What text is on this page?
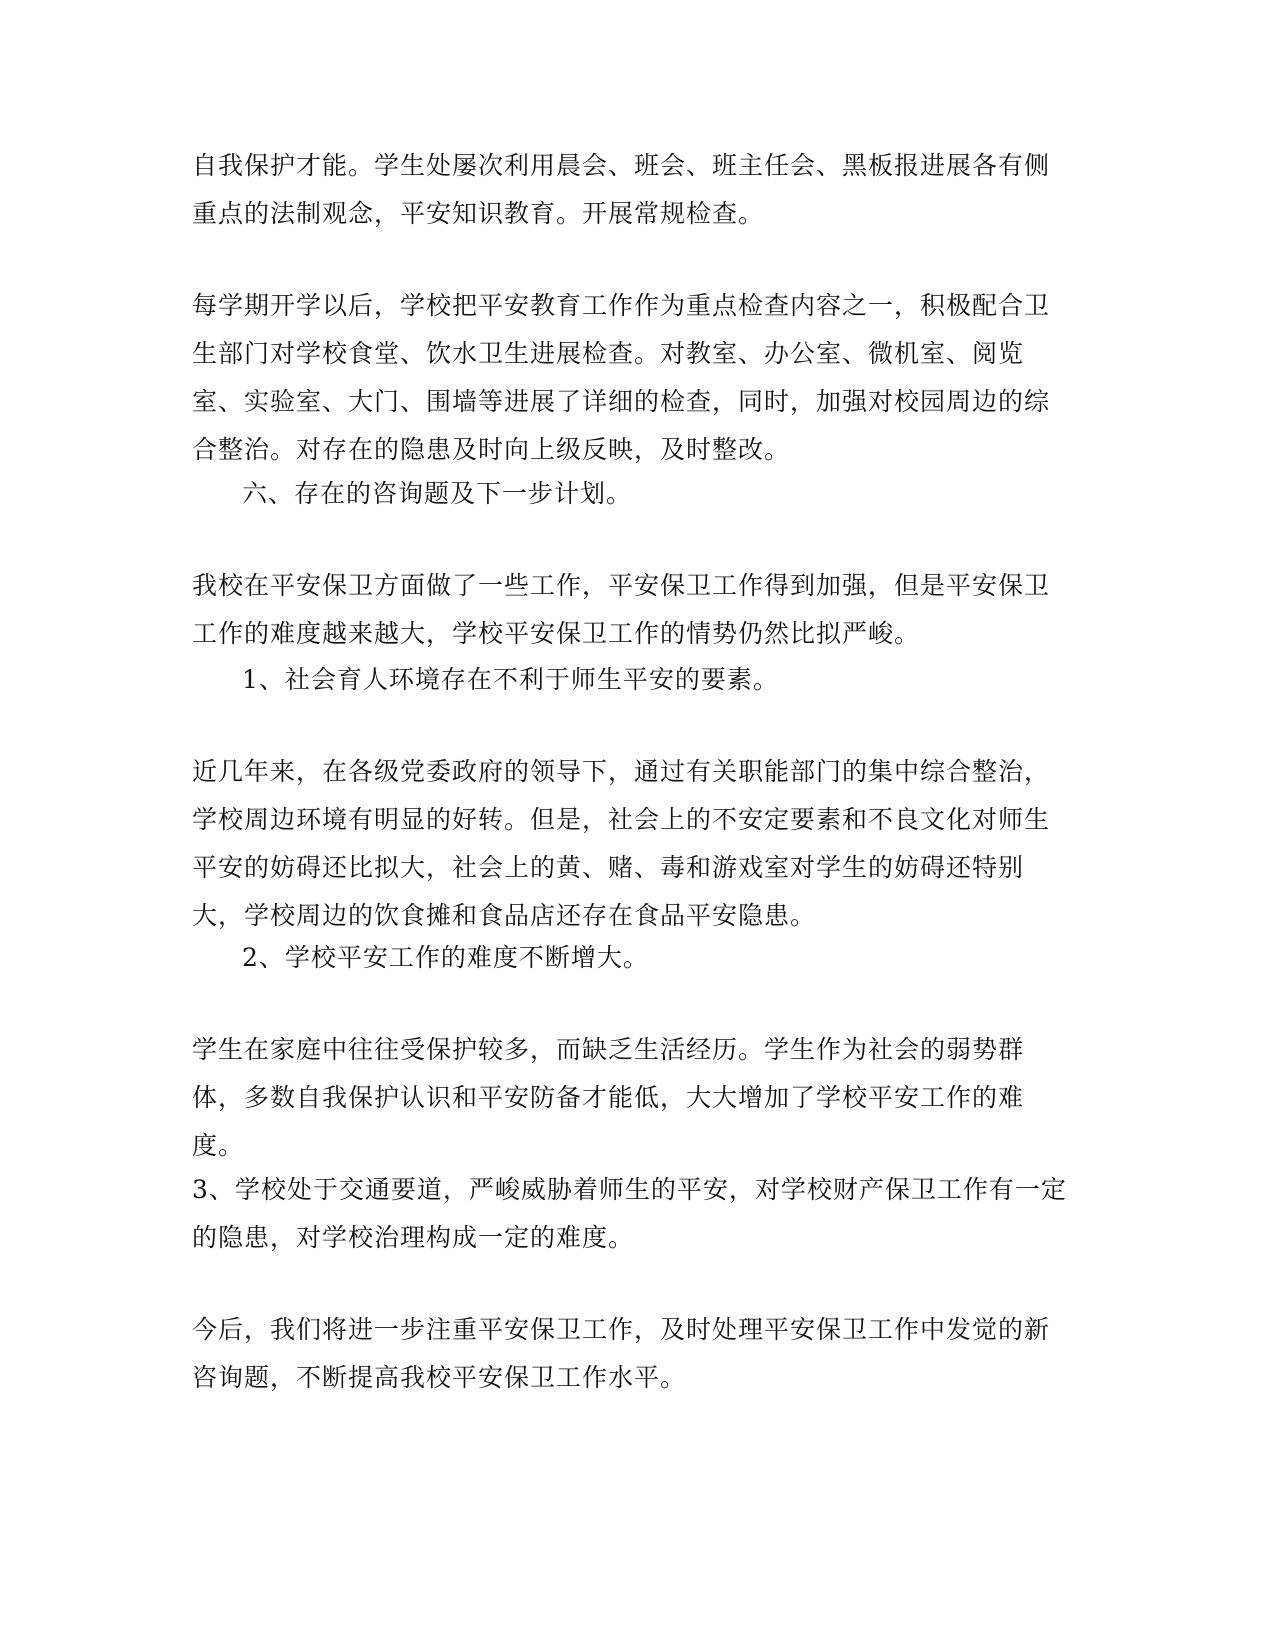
自我保护才能。学生处屡次利用晨会、班会、班主任会、黑板报进展各有侧重点的法制观念，平安知识教育。开展常规检查。

每学期开学以后，学校把平安教育工作作为重点检查内容之一，积极配合卫生部门对学校食堂、饮水卫生进展检查。对教室、办公室、微机室、阅览室、实验室、大门、围墙等进展了详细的检查，同时，加强对校园周边的综合整治。对存在的隐患及时向上级反映，及时整改。

六、存在的咨询题及下一步计划。

我校在平安保卫方面做了一些工作，平安保卫工作得到加强，但是平安保卫工作的难度越来越大，学校平安保卫工作的情势仍然比拟严峻。

1、社会育人环境存在不利于师生平安的要素。

近几年来，在各级党委政府的领导下，通过有关职能部门的集中综合整治，学校周边环境有明显的好转。但是，社会上的不安定要素和不良文化对师生平安的妨碍还比拟大，社会上的黄、赌、毒和游戏室对学生的妨碍还特别大，学校周边的饮食摊和食品店还存在食品平安隐患。

2、学校平安工作的难度不断增大。

学生在家庭中往往受保护较多，而缺乏生活经历。学生作为社会的弱势群体，多数自我保护认识和平安防备才能低，大大增加了学校平安工作的难度。

3、学校处于交通要道，严峻威胁着师生的平安，对学校财产保卫工作有一定的隐患，对学校治理构成一定的难度。

今后，我们将进一步注重平安保卫工作，及时处理平安保卫工作中发觉的新咨询题，不断提高我校平安保卫工作水平。
